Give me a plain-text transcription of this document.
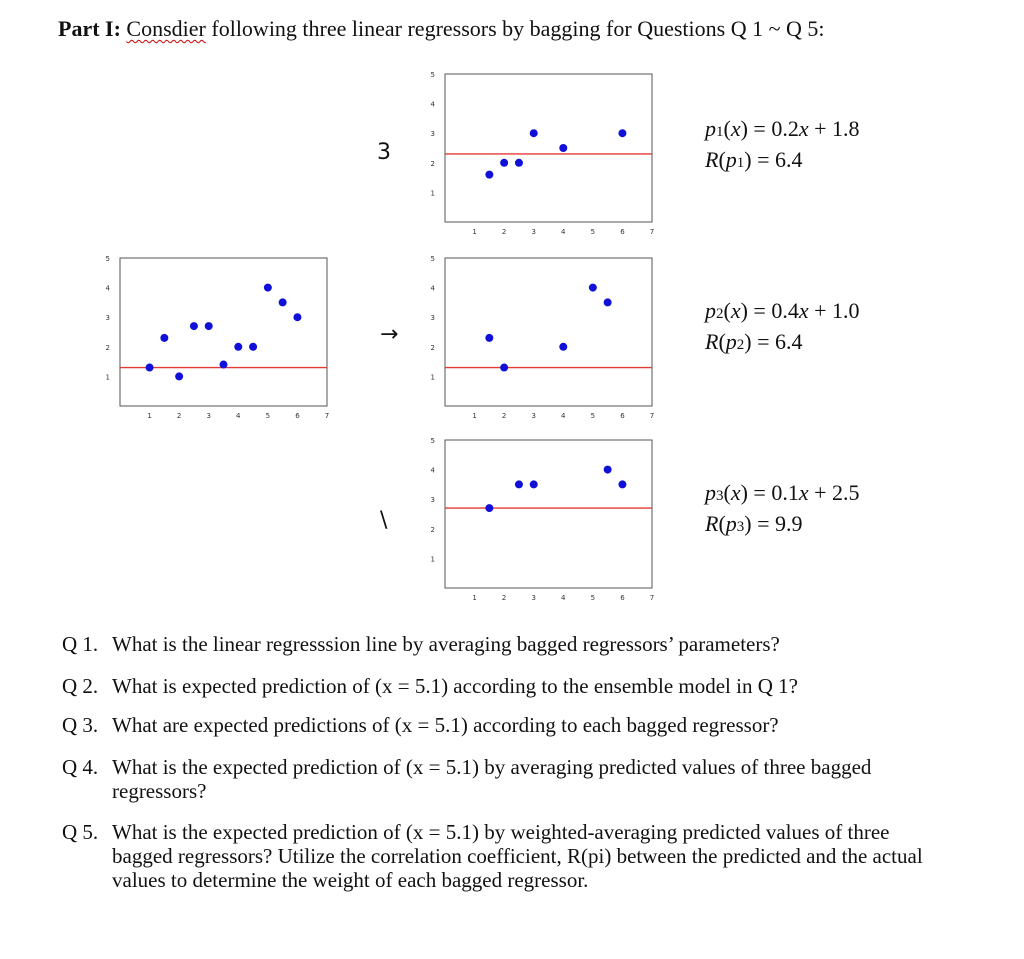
Part I: Consdier following three linear regressors by bagging for Questions Q 1 ~ Q 5:
1	2	3	4	5	6	7
1
2
3
4
5
1	2	3	4	5	6	7
1
2
3
4
5
1	2	3	4	5	6	7
1
2
3
4
5
1	2	3	4	5	6	7
1
2
3
4
5
3
→
\
p1(x) = 0.2x + 1.8
R(p1) = 6.4
p2(x) = 0.4x + 1.0
R(p2) = 6.4
p3(x) = 0.1x + 2.5
R(p3) = 9.9
Q 1. What is the linear regresssion line by averaging bagged regressors’ parameters?
Q 2. What is expected prediction of (x = 5.1) according to the ensemble model in Q 1?
Q 3. What are expected predictions of (x = 5.1) according to each bagged regressor?
Q 4. What is the expected prediction of (x = 5.1) by averaging predicted values of three bagged regressors?
Q 5. What is the expected prediction of (x = 5.1) by weighted-averaging predicted values of three bagged regressors? Utilize the correlation coefficient, R(pi) between the predicted and the actual values to determine the weight of each bagged regressor.
